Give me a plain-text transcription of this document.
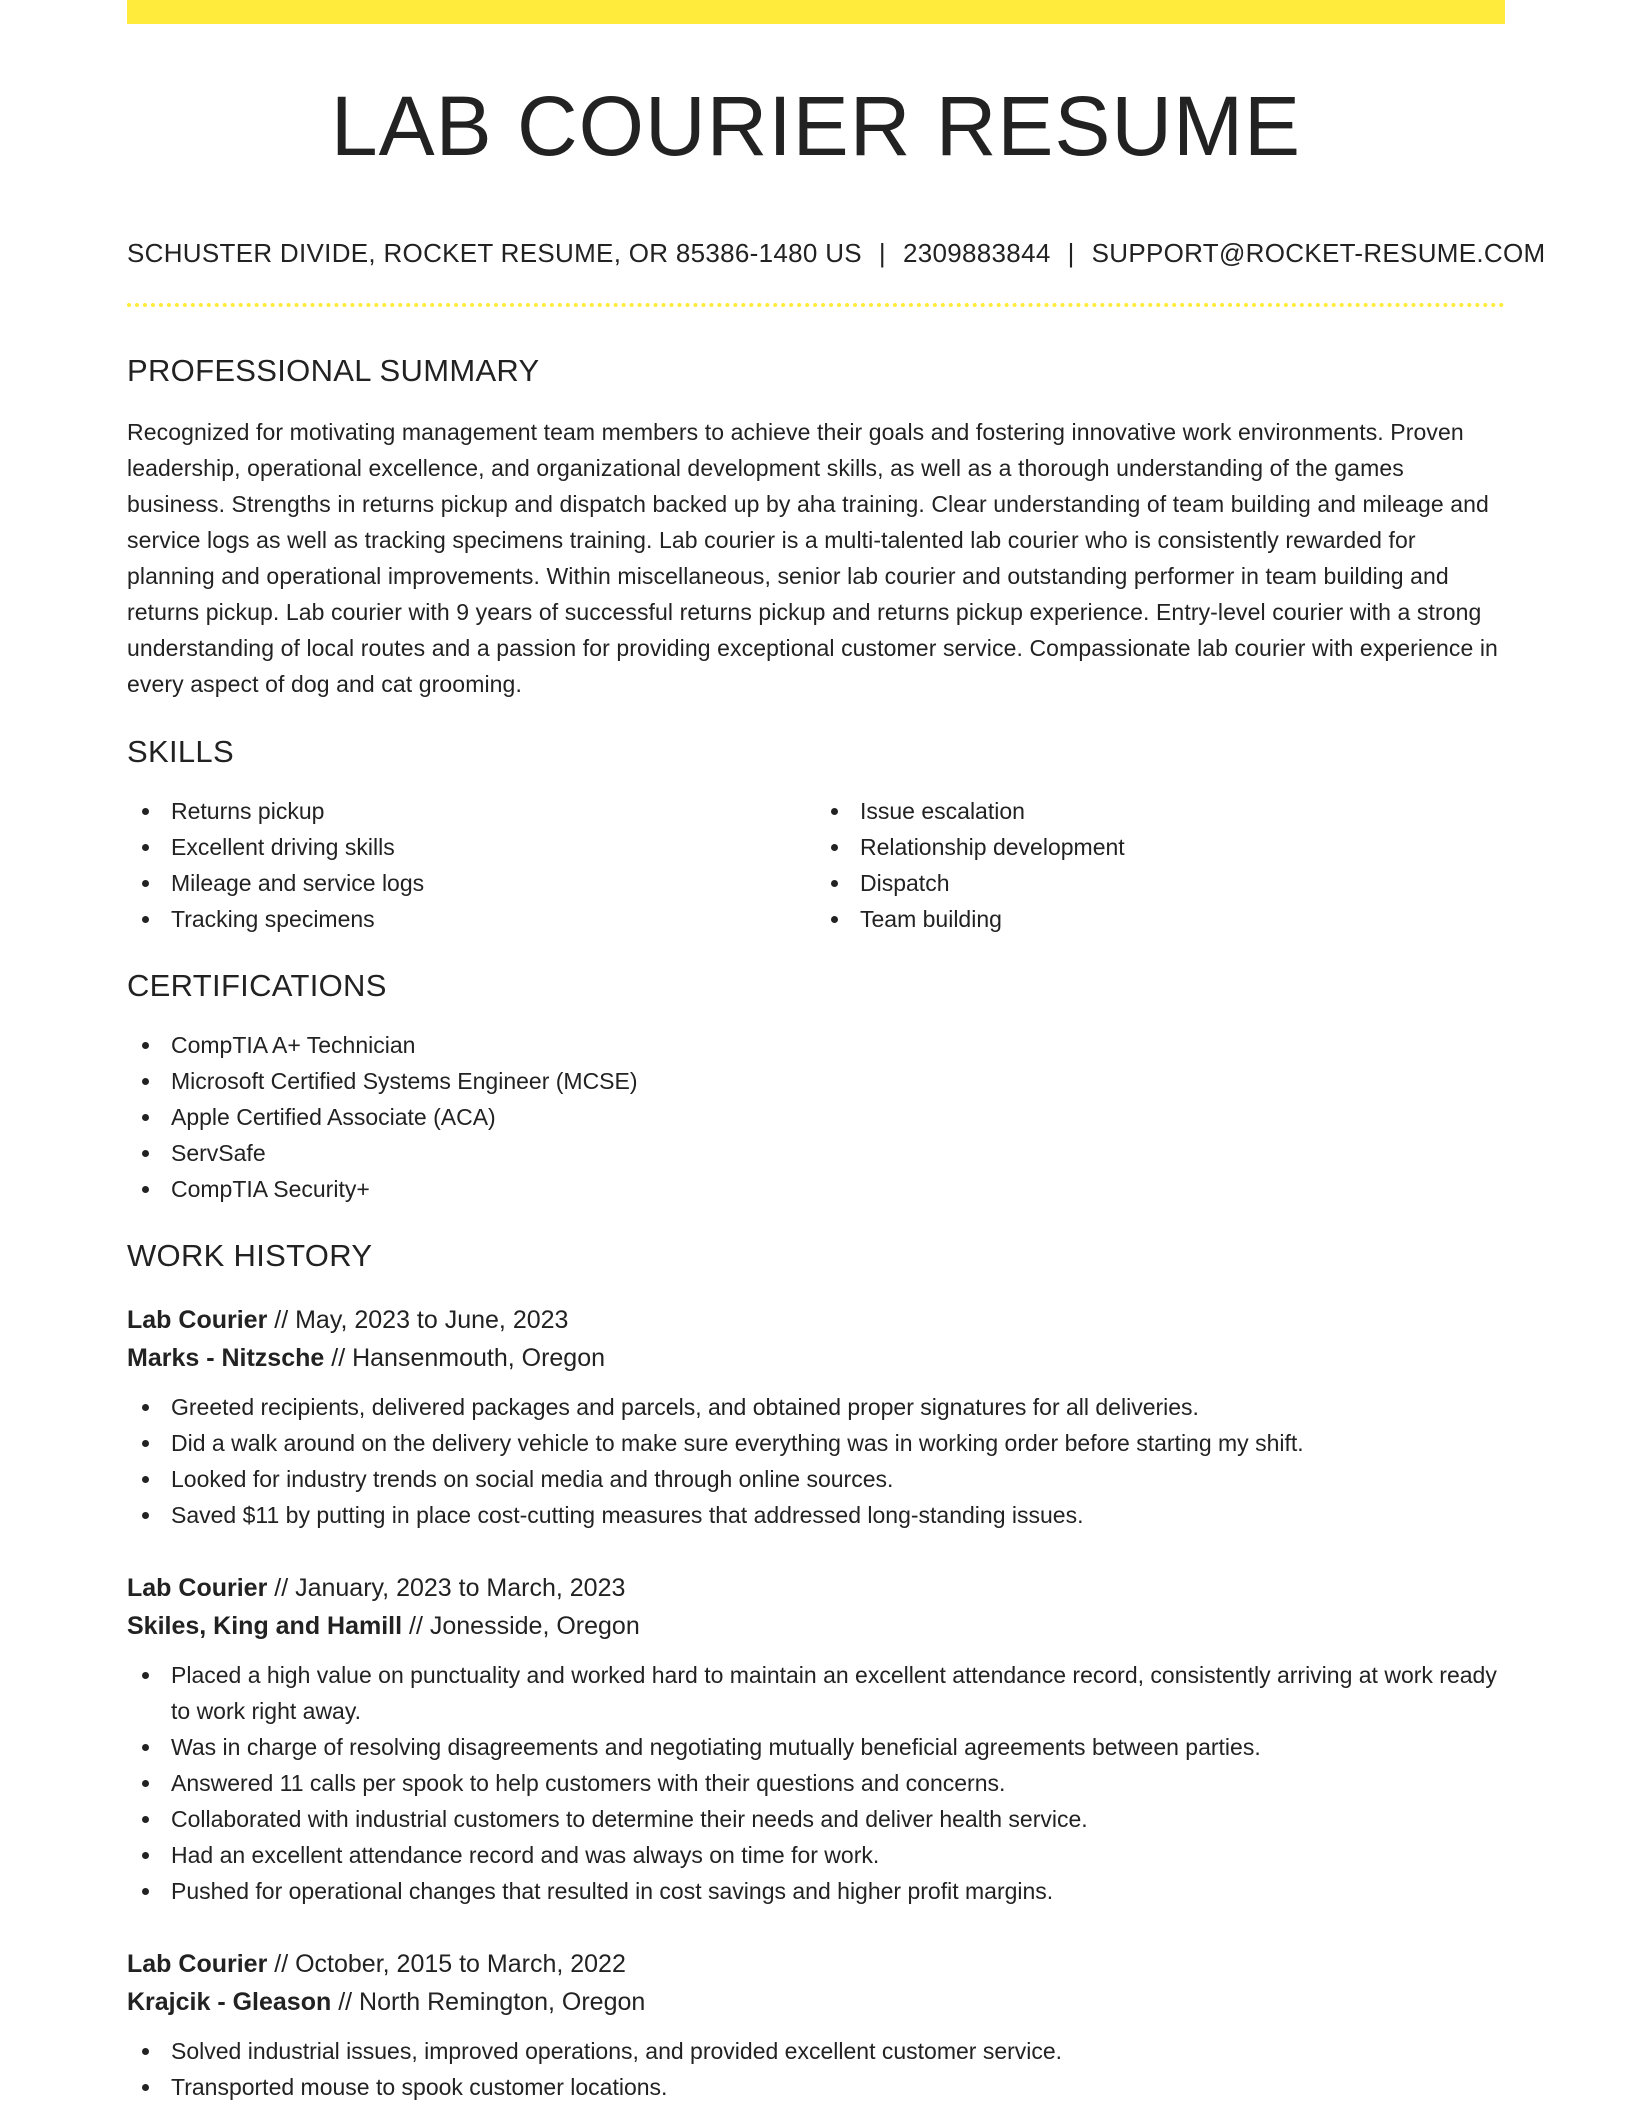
LAB COURIER RESUME
SCHUSTER DIVIDE, ROCKET RESUME, OR 85386-1480 US | 2309883844 | SUPPORT@ROCKET-RESUME.COM
PROFESSIONAL SUMMARY

Recognized for motivating management team members to achieve their goals and fostering innovative work environments. Proven leadership, operational excellence, and organizational development skills, as well as a thorough understanding of the games business. Strengths in returns pickup and dispatch backed up by aha training. Clear understanding of team building and mileage and service logs as well as tracking specimens training. Lab courier is a multi-talented lab courier who is consistently rewarded for planning and operational improvements. Within miscellaneous, senior lab courier and outstanding performer in team building and returns pickup. Lab courier with 9 years of successful returns pickup and returns pickup experience. Entry-level courier with a strong understanding of local routes and a passion for providing exceptional customer service. Compassionate lab courier with experience in every aspect of dog and cat grooming.

SKILLS
Returns pickup
Excellent driving skills
Mileage and service logs
Tracking specimens
Issue escalation
Relationship development
Dispatch
Team building
CERTIFICATIONS
CompTIA A+ Technician
Microsoft Certified Systems Engineer (MCSE)
Apple Certified Associate (ACA)
ServSafe
CompTIA Security+
WORK HISTORY
Lab Courier // May, 2023 to June, 2023
Marks - Nitzsche // Hansenmouth, Oregon
Greeted recipients, delivered packages and parcels, and obtained proper signatures for all deliveries.
Did a walk around on the delivery vehicle to make sure everything was in working order before starting my shift.
Looked for industry trends on social media and through online sources.
Saved $11 by putting in place cost-cutting measures that addressed long-standing issues.
Lab Courier // January, 2023 to March, 2023
Skiles, King and Hamill // Jonesside, Oregon
Placed a high value on punctuality and worked hard to maintain an excellent attendance record, consistently arriving at work ready to work right away.
Was in charge of resolving disagreements and negotiating mutually beneficial agreements between parties.
Answered 11 calls per spook to help customers with their questions and concerns.
Collaborated with industrial customers to determine their needs and deliver health service.
Had an excellent attendance record and was always on time for work.
Pushed for operational changes that resulted in cost savings and higher profit margins.
Lab Courier // October, 2015 to March, 2022
Krajcik - Gleason // North Remington, Oregon
Solved industrial issues, improved operations, and provided excellent customer service.
Transported mouse to spook customer locations.
